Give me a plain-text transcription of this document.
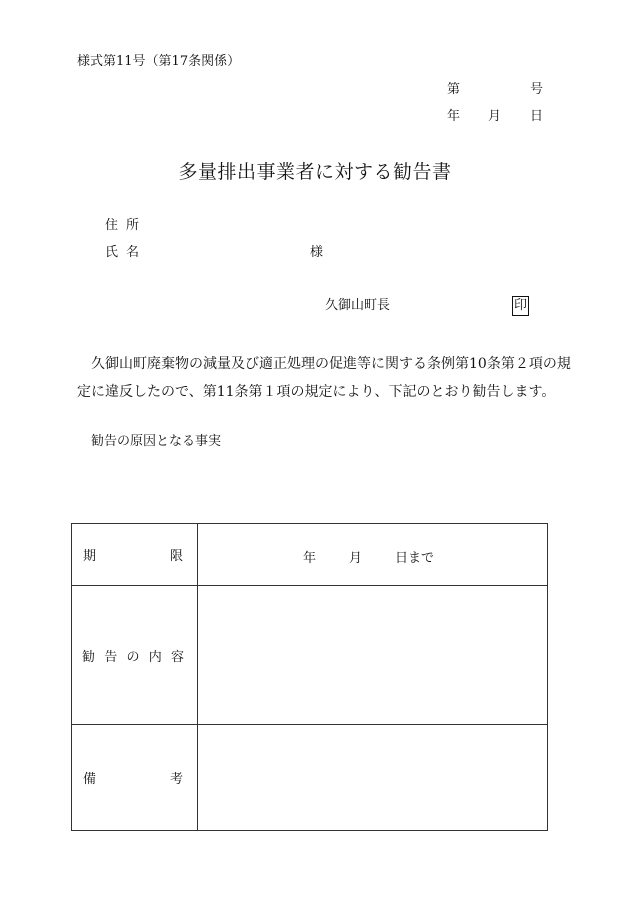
様式第11号（第17条関係）
第	号
年 月 日
多量排出事業者に対する勧告書
住所
氏名	様
久御山町長	印
久御山町廃棄物の減量及び適正処理の促進等に関する条例第10条第２項の規
定に違反したので、第11条第１項の規定により、下記のとおり勧告します。
勧告の原因となる事実
期 限	年 月 日まで

勧 告 の 内 容	

備 考	
